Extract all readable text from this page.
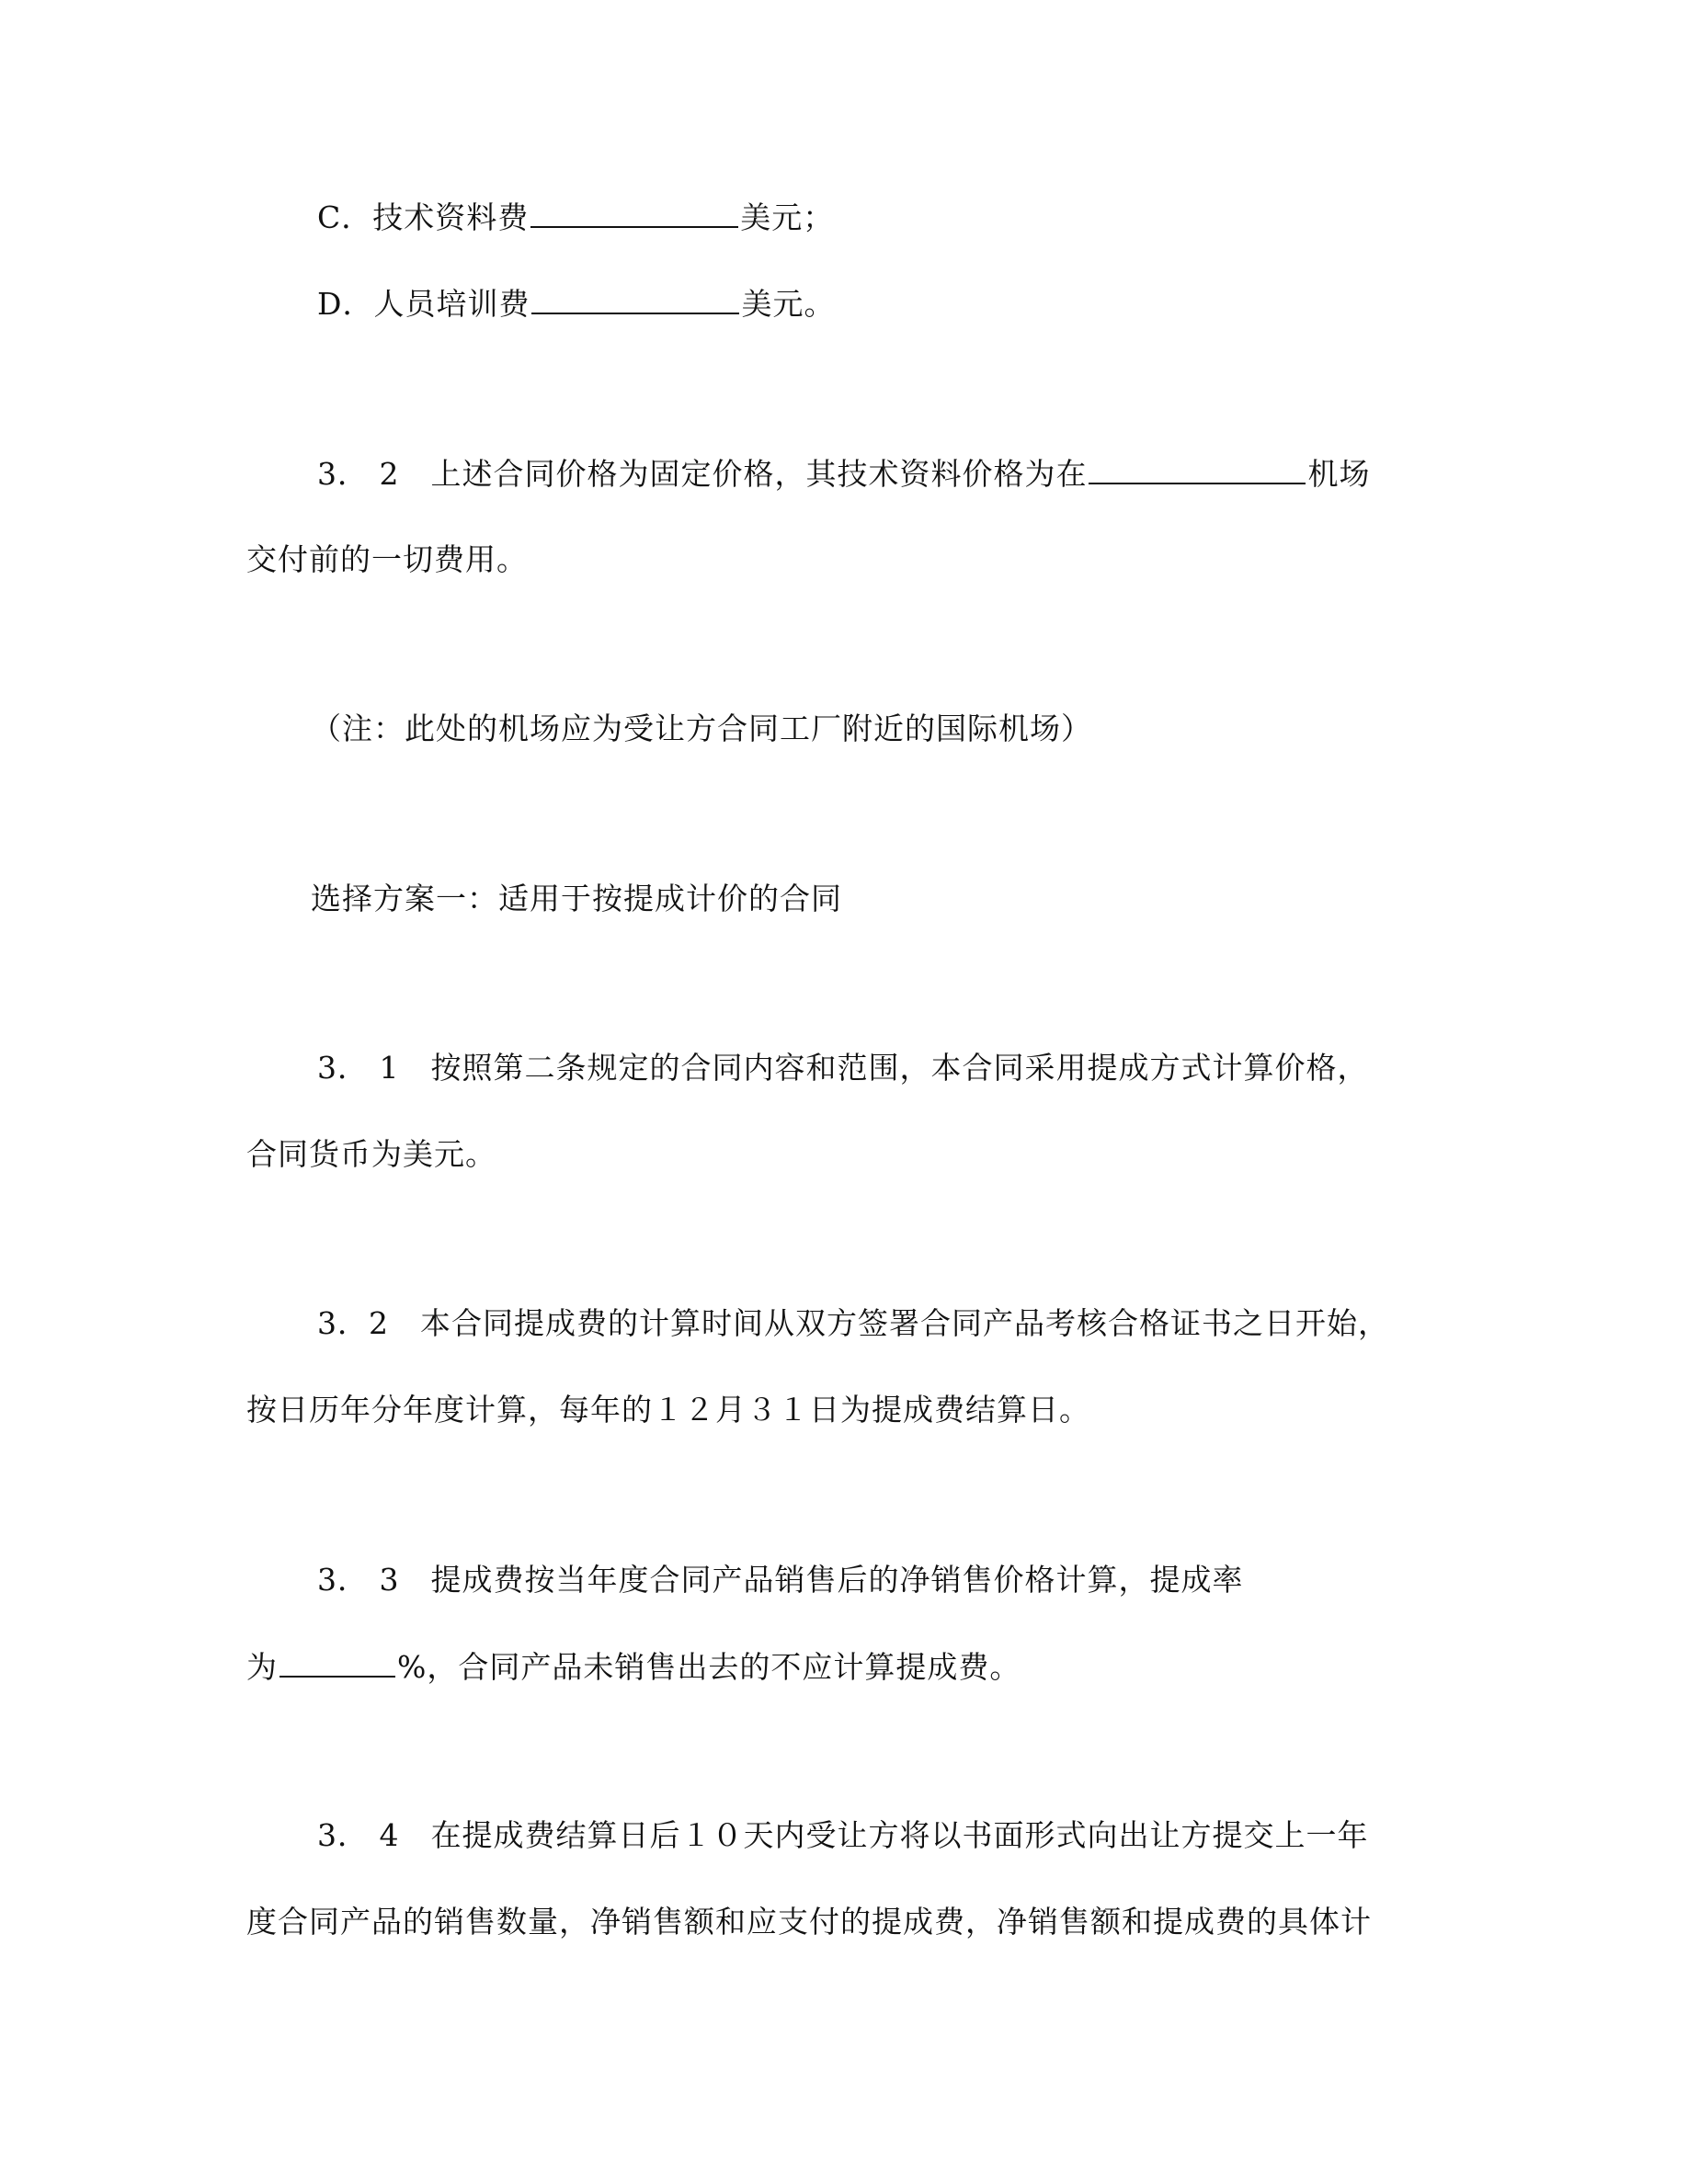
C．技术资料费	美元；
D．人员培训费	美元。
3． 2　上述合同价格为固定价格，其技术资料价格为在	机场
交付前的一切费用。
（注：此处的机场应为受让方合同工厂附近的国际机场）
选择方案一：适用于按提成计价的合同
3． 1　按照第二条规定的合同内容和范围，本合同采用提成方式计算价格，
合同货币为美元。
3．2　本合同提成费的计算时间从双方签署合同产品考核合格证书之日开始，
按日历年分年度计算，每年的１２月３１日为提成费结算日。
3． 3　提成费按当年度合同产品销售后的净销售价格计算，提成率
为	%，合同产品未销售出去的不应计算提成费。
3． 4　在提成费结算日后１０天内受让方将以书面形式向出让方提交上一年
度合同产品的销售数量，净销售额和应支付的提成费，净销售额和提成费的具体计
